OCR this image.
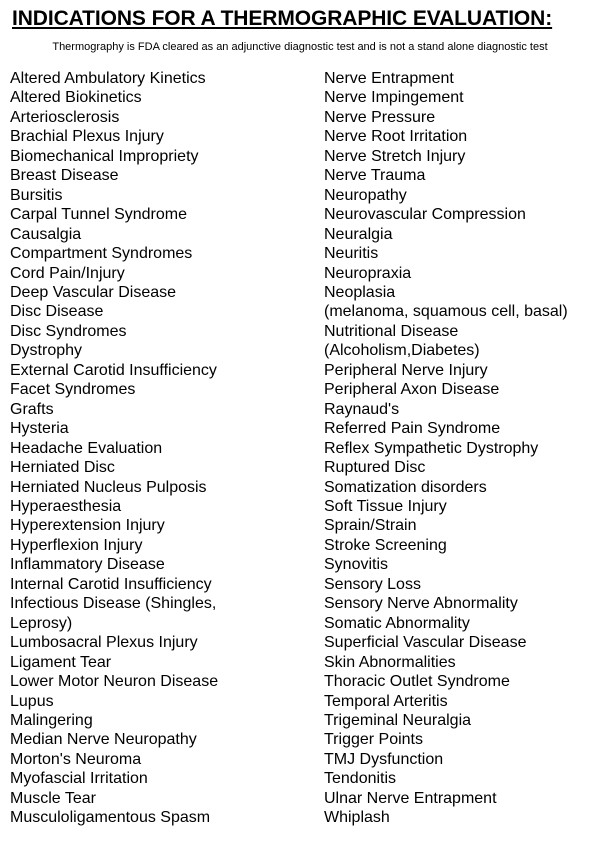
INDICATIONS FOR A THERMOGRAPHIC EVALUATION:

Thermography is FDA cleared as an adjunctive diagnostic test and is not a stand alone diagnostic test

Altered Ambulatory Kinetics
Altered Biokinetics
Arteriosclerosis
Brachial Plexus Injury
Biomechanical Impropriety
Breast Disease
Bursitis
Carpal Tunnel Syndrome
Causalgia
Compartment Syndromes
Cord Pain/Injury
Deep Vascular Disease
Disc Disease
Disc Syndromes
Dystrophy
External Carotid Insufficiency
Facet Syndromes
Grafts
Hysteria
Headache Evaluation
Herniated Disc
Herniated Nucleus Pulposis
Hyperaesthesia
Hyperextension Injury
Hyperflexion Injury
Inflammatory Disease
Internal Carotid Insufficiency
Infectious Disease (Shingles,
Leprosy)
Lumbosacral Plexus Injury
Ligament Tear
Lower Motor Neuron Disease
Lupus
Malingering
Median Nerve Neuropathy
Morton's Neuroma
Myofascial Irritation
Muscle Tear
Musculoligamentous Spasm
Nerve Entrapment
Nerve Impingement
Nerve Pressure
Nerve Root Irritation
Nerve Stretch Injury
Nerve Trauma
Neuropathy
Neurovascular Compression
Neuralgia
Neuritis
Neuropraxia
Neoplasia
(melanoma, squamous cell, basal)
Nutritional Disease
(Alcoholism,Diabetes)
Peripheral Nerve Injury
Peripheral Axon Disease
Raynaud's
Referred Pain Syndrome
Reflex Sympathetic Dystrophy
Ruptured Disc
Somatization disorders
Soft Tissue Injury
Sprain/Strain
Stroke Screening
Synovitis
Sensory Loss
Sensory Nerve Abnormality
Somatic Abnormality
Superficial Vascular Disease
Skin Abnormalities
Thoracic Outlet Syndrome
Temporal Arteritis
Trigeminal Neuralgia
Trigger Points
TMJ Dysfunction
Tendonitis
Ulnar Nerve Entrapment
Whiplash
